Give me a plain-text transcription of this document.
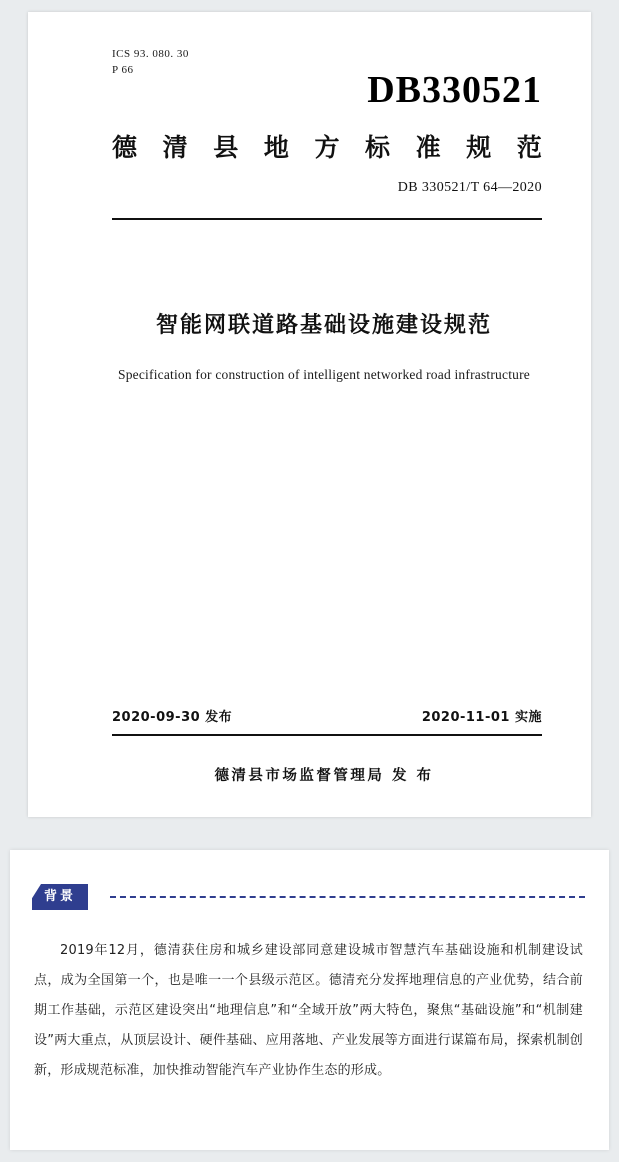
ICS 93. 080. 30
P 66	DB330521
德 清 县 地 方 标 准 规 范
DB 330521/T 64—2020
智能网联道路基础设施建设规范
Specification for construction of intelligent networked road infrastructure
2020-09-30 发布	2020-11-01 实施
德清县市场监督管理局 发 布
背景
2019年12月，德清获住房和城乡建设部同意建设城市智慧汽车基础设施和机制建设试点，成为全国第一个，也是唯一一个县级示范区。德清充分发挥地理信息的产业优势，结合前期工作基础，示范区建设突出“地理信息”和“全域开放”两大特色，聚焦“基础设施”和“机制建设”两大重点，从顶层设计、硬件基础、应用落地、产业发展等方面进行谋篇布局，探索机制创新，形成规范标准，加快推动智能汽车产业协作生态的形成。
